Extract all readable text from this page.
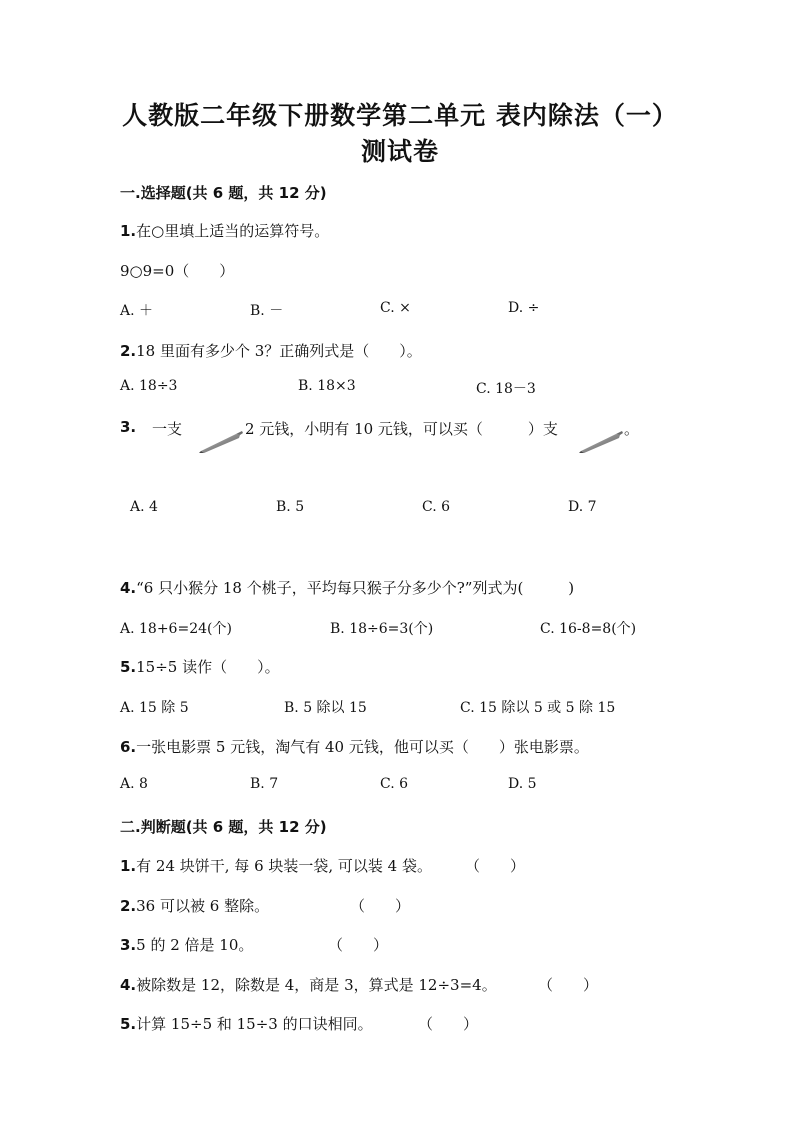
人教版二年级下册数学第二单元 表内除法（一）
测试卷
一.选择题(共 6 题，共 12 分)
1.在○里填上适当的运算符号。
9○9=0（　　）
A. ＋	B. －	C. ×	D. ÷
2.18 里面有多少个 3？正确列式是（　　）。
A. 18÷3	B. 18×3	C. 18－3
3. 一支	2 元钱，小明有 10 元钱，可以买（　　　）支	。
A. 4	B. 5	C. 6	D. 7
4.“6 只小猴分 18 个桃子，平均每只猴子分多少个?”列式为(　　　)
A. 18+6=24(个)	B. 18÷6=3(个)	C. 16-8=8(个)
5.15÷5 读作（　　）。
A. 15 除 5	B. 5 除以 15	C. 15 除以 5 或 5 除 15
6.一张电影票 5 元钱，淘气有 40 元钱，他可以买（　　）张电影票。
A. 8	B. 7	C. 6	D. 5
二.判断题(共 6 题，共 12 分)
1.有 24 块饼干, 每 6 块装一袋, 可以装 4 袋。 （　　）
2.36 可以被 6 整除。	（　　）
3.5 的 2 倍是 10。	（　　）
4.被除数是 12，除数是 4，商是 3，算式是 12÷3=4。	（　　）
5.计算 15÷5 和 15÷3 的口诀相同。	（　　）
